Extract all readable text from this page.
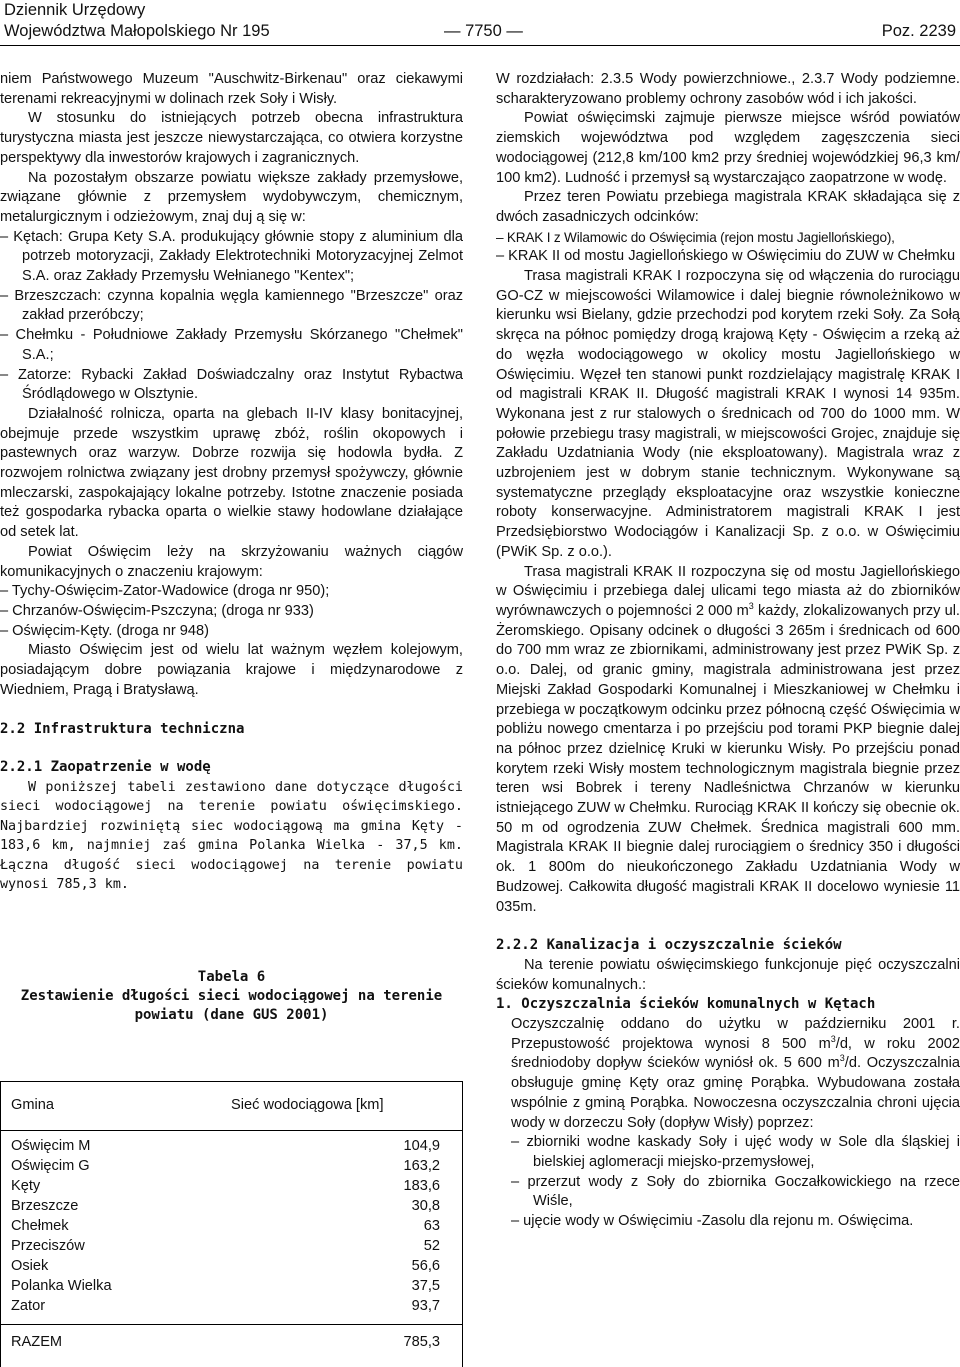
Dziennik Urzędowy
Województwa Małopolskiego Nr 195	— 7750 —	Poz. 2239

niem Państwowego Muzeum "Auschwitz-Birkenau" oraz ciekawymi terenami rekreacyjnymi w dolinach rzek Soły i Wisły.

W stosunku do istniejących potrzeb obecna infrastruktura turystyczna miasta jest jeszcze niewystarczająca, co otwiera korzystne perspektywy dla inwestorów krajowych i zagranicznych.

Na pozostałym obszarze powiatu większe zakłady przemysłowe, związane głównie z przemysłem wydobywczym, chemicznym, metalurgicznym i odzieżowym, znaj duj ą się w:

– Kętach: Grupa Kety S.A. produkujący głównie stopy z aluminium dla potrzeb motoryzacji, Zakłady Elektrotechniki Motoryzacyjnej Zelmot S.A. oraz Zakłady Przemysłu Wełnianego "Kentex";

– Brzeszczach: czynna kopalnia węgla kamiennego "Brzeszcze" oraz zakład przeróbczy;

– Chełmku - Południowe Zakłady Przemysłu Skórzanego "Chełmek" S.A.;

– Zatorze: Rybacki Zakład Doświadczalny oraz Instytut Rybactwa Śródlądowego w Olsztynie.

Działalność rolnicza, oparta na glebach II-IV klasy bonitacyjnej, obejmuje przede wszystkim uprawę zbóż, roślin okopowych i pastewnych oraz warzyw. Dobrze rozwija się hodowla bydła. Z rozwojem rolnictwa związany jest drobny przemysł spożywczy, głównie mleczarski, zaspokajający lokalne potrzeby. Istotne znaczenie posiada też gospodarka rybacka oparta o wielkie stawy hodowlane działające od setek lat.

Powiat Oświęcim leży na skrzyżowaniu ważnych ciągów komunikacyjnych o znaczeniu krajowym:

– Tychy-Oświęcim-Zator-Wadowice (droga nr 950);

– Chrzanów-Oświęcim-Pszczyna; (droga nr 933)

– Oświęcim-Kęty. (droga nr 948)

Miasto Oświęcim jest od wielu lat ważnym węzłem kolejowym, posiadającym dobre powiązania krajowe i międzynarodowe z Wiedniem, Pragą i Bratysławą.

2.2 Infrastruktura techniczna

2.2.1 Zaopatrzenie w wodę

W poniższej tabeli zestawiono dane dotyczące długości sieci wodociągowej na terenie powiatu oświęcimskiego. Najbardziej rozwiniętą siec wodociągową ma gmina Kęty - 183,6 km, najmniej zaś gmina Polanka Wielka - 37,5 km. Łączna długość sieci wodociągowej na terenie powiatu wynosi 785,3 km.

Tabela 6
Zestawienie długości sieci wodociągowej na terenie
powiatu (dane GUS 2001)
Gmina	Sieć wodociągowa [km]
Oświęcim M	104,9
Oświęcim G	163,2
Kęty	183,6
Brzeszcze	30,8
Chełmek	63
Przeciszów	52
Osiek	56,6
Polanka Wielka	37,5
Zator	93,7
RAZEM	785,3

W rozdziałach: 2.3.5 Wody powierzchniowe., 2.3.7 Wody podziemne. scharakteryzowano problemy ochrony zasobów wód i ich jakości.

Powiat oświęcimski zajmuje pierwsze miejsce wśród powiatów ziemskich województwa pod względem zagęszczenia sieci wodociągowej (212,8 km/100 km2 przy średniej wojewódzkiej 96,3 km/ 100 km2). Ludność i przemysł są wystarczająco zaopatrzone w wodę.

Przez teren Powiatu przebiega magistrala KRAK składająca się z dwóch zasadniczych odcinków:

– KRAK I z Wilamowic do Oświęcimia (rejon mostu Jagiellońskiego),

– KRAK II od mostu Jagiellońskiego w Oświęcimiu do ZUW w Chełmku

Trasa magistrali KRAK I rozpoczyna się od włączenia do rurociągu GO-CZ w miejscowości Wilamowice i dalej biegnie równoleżnikowo w kierunku wsi Bielany, gdzie przechodzi pod korytem rzeki Soły. Za Sołą skręca na północ pomiędzy drogą krajową Kęty - Oświęcim a rzeką aż do węzła wodociągowego w okolicy mostu Jagiellońskiego w Oświęcimiu. Węzeł ten stanowi punkt rozdzielający magistralę KRAK I od magistrali KRAK II. Długość magistrali KRAK I wynosi 14 935m. Wykonana jest z rur stalowych o średnicach od 700 do 1000 mm. W połowie przebiegu trasy magistrali, w miejscowości Grojec, znajduje się Zakładu Uzdatniania Wody (nie eksploatowany). Magistrala wraz z uzbrojeniem jest w dobrym stanie technicznym. Wykonywane są systematyczne przeglądy eksploatacyjne oraz wszystkie konieczne roboty konserwacyjne. Administratorem magistrali KRAK I jest Przedsiębiorstwo Wodociągów i Kanalizacji Sp. z o.o. w Oświęcimiu (PWiK Sp. z o.o.).

Trasa magistrali KRAK II rozpoczyna się od mostu Jagiellońskiego w Oświęcimiu i przebiega dalej ulicami tego miasta aż do zbiorników wyrównawczych o pojemności 2 000 $m^3$ każdy, zlokalizowanych przy ul. Żeromskiego. Opisany odcinek o długości 3 265m i średnicach od 600 do 700 mm wraz ze zbiornikami, administrowany jest przez PWiK Sp. z o.o. Dalej, od granic gminy, magistrala administrowana jest przez Miejski Zakład Gospodarki Komunalnej i Mieszkaniowej w Chełmku i przebiega w początkowym odcinku przez północną część Oświęcimia w pobliżu nowego cmentarza i po przejściu pod torami PKP biegnie dalej na północ przez dzielnicę Kruki w kierunku Wisły. Po przejściu ponad korytem rzeki Wisły mostem technologicznym magistrala biegnie przez teren wsi Bobrek i tereny Nadleśnictwa Chrzanów w kierunku istniejącego ZUW w Chełmku. Rurociąg KRAK II kończy się obecnie ok. 50 m od ogrodzenia ZUW Chełmek. Średnica magistrali 600 mm. Magistrala KRAK II biegnie dalej rurociągiem o średnicy 350 i długości ok. 1 800m do nieukończonego Zakładu Uzdatniania Wody w Budzowej. Całkowita długość magistrali KRAK II docelowo wyniesie 11 035m.

2.2.2 Kanalizacja i oczyszczalnie ścieków

Na terenie powiatu oświęcimskiego funkcjonuje pięć oczyszczalni ścieków komunalnych.:

1. Oczyszczalnia ścieków komunalnych w Kętach

Oczyszczalnię oddano do użytku w październiku 2001 r. Przepustowość projektowa wynosi 8 500 $m^3/d$, w roku 2002 średniodoby dopływ ścieków wyniósł ok. 5 600 $m^3/d$. Oczyszczalnia obsługuje gminę Kęty oraz gminę Porąbka. Wybudowana została wspólnie z gminą Porąbka. Nowoczesna oczyszczalnia chroni ujęcia wody w dorzeczu Soły (dopływ Wisły) poprzez:

– zbiorniki wodne kaskady Soły i ujęć wody w Sole dla śląskiej i bielskiej aglomeracji miejsko-przemysłowej,

– przerzut wody z Soły do zbiornika Goczałkowickiego na rzece Wiśle,

– ujęcie wody w Oświęcimiu -Zasolu dla rejonu m. Oświęcima.
